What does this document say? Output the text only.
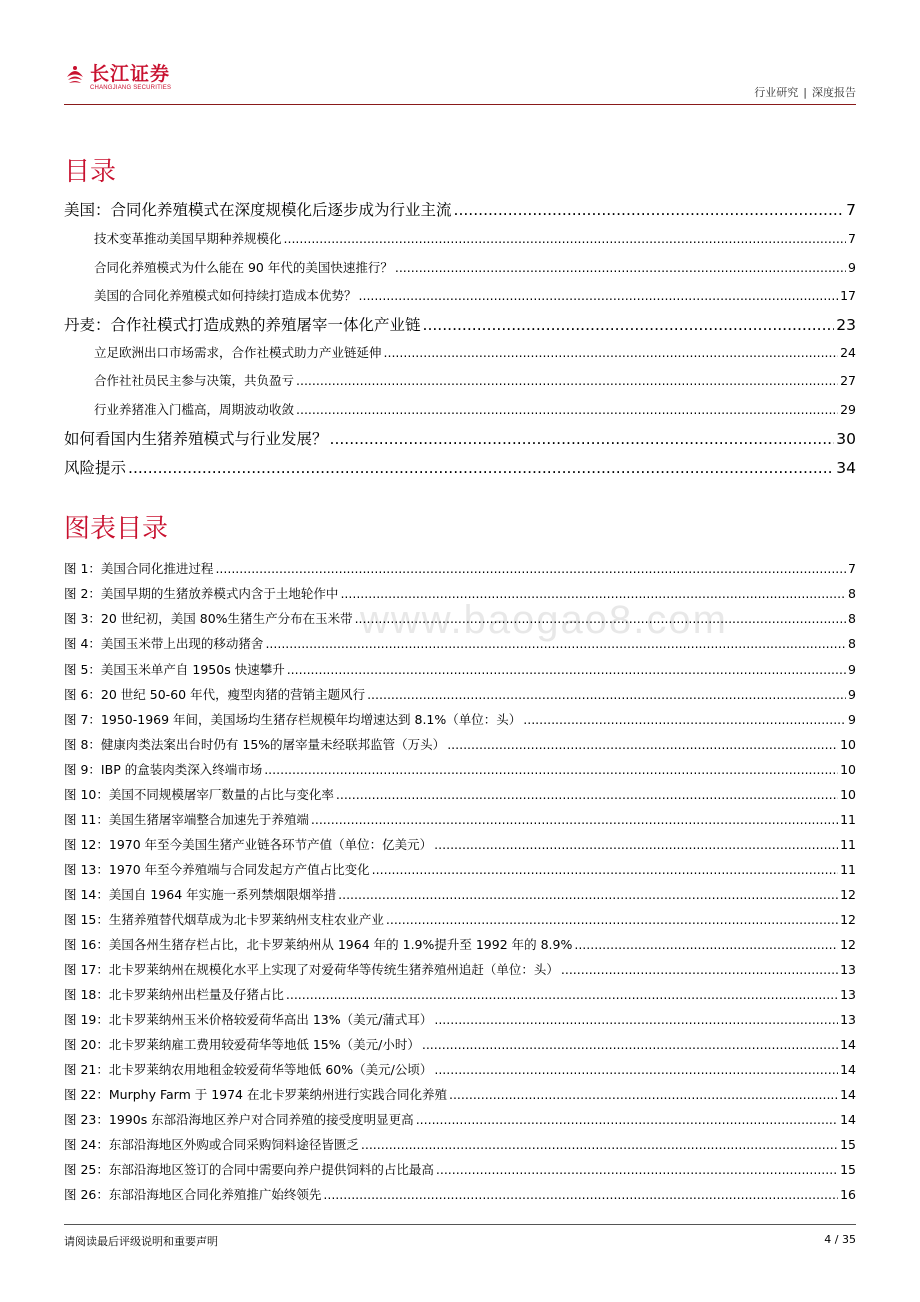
长江证券
CHANGJIANG SECURITIES	行业研究 | 深度报告
目录
美国：合同化养殖模式在深度规模化后逐步成为行业主流 .....	7
技术变革推动美国早期种养规模化 .....	7
合同化养殖模式为什么能在 90 年代的美国快速推行？ .....	9
美国的合同化养殖模式如何持续打造成本优势？ .....	17
丹麦：合作社模式打造成熟的养殖屠宰一体化产业链 .....	23
立足欧洲出口市场需求，合作社模式助力产业链延伸 .....	24
合作社社员民主参与决策，共负盈亏 .....	27
行业养猪准入门槛高，周期波动收敛 .....	29
如何看国内生猪养殖模式与行业发展？ .....	30
风险提示 .....	34
图表目录
www.baogao8.com
图 1：美国合同化推进过程 .....	7
图 2：美国早期的生猪放养模式内含于土地轮作中 .....	8
图 3：20 世纪初，美国 80%生猪生产分布在玉米带 .....	8
图 4：美国玉米带上出现的移动猪舍 .....	8
图 5：美国玉米单产自 1950s 快速攀升 .....	9
图 6：20 世纪 50-60 年代，瘦型肉猪的营销主题风行 .....	9
图 7：1950-1969 年间，美国场均生猪存栏规模年均增速达到 8.1%（单位：头） .....	9
图 8：健康肉类法案出台时仍有 15%的屠宰量未经联邦监管（万头） .....	10
图 9：IBP 的盒装肉类深入终端市场 .....	10
图 10：美国不同规模屠宰厂数量的占比与变化率 .....	10
图 11：美国生猪屠宰端整合加速先于养殖端 .....	11
图 12：1970 年至今美国生猪产业链各环节产值（单位：亿美元） .....	11
图 13：1970 年至今养殖端与合同发起方产值占比变化 .....	11
图 14：美国自 1964 年实施一系列禁烟限烟举措 .....	12
图 15：生猪养殖替代烟草成为北卡罗莱纳州支柱农业产业 .....	12
图 16：美国各州生猪存栏占比，北卡罗莱纳州从 1964 年的 1.9%提升至 1992 年的 8.9% .....	12
图 17：北卡罗莱纳州在规模化水平上实现了对爱荷华等传统生猪养殖州追赶（单位：头） .....	13
图 18：北卡罗莱纳州出栏量及仔猪占比 .....	13
图 19：北卡罗莱纳州玉米价格较爱荷华高出 13%（美元/蒲式耳） .....	13
图 20：北卡罗莱纳雇工费用较爱荷华等地低 15%（美元/小时） .....	14
图 21：北卡罗莱纳农用地租金较爱荷华等地低 60%（美元/公顷） .....	14
图 22：Murphy Farm 于 1974 在北卡罗莱纳州进行实践合同化养殖 .....	14
图 23：1990s 东部沿海地区养户对合同养殖的接受度明显更高 .....	14
图 24：东部沿海地区外购或合同采购饲料途径皆匮乏 .....	15
图 25：东部沿海地区签订的合同中需要向养户提供饲料的占比最高 .....	15
图 26：东部沿海地区合同化养殖推广始终领先 .....	16
请阅读最后评级说明和重要声明	4 / 35
